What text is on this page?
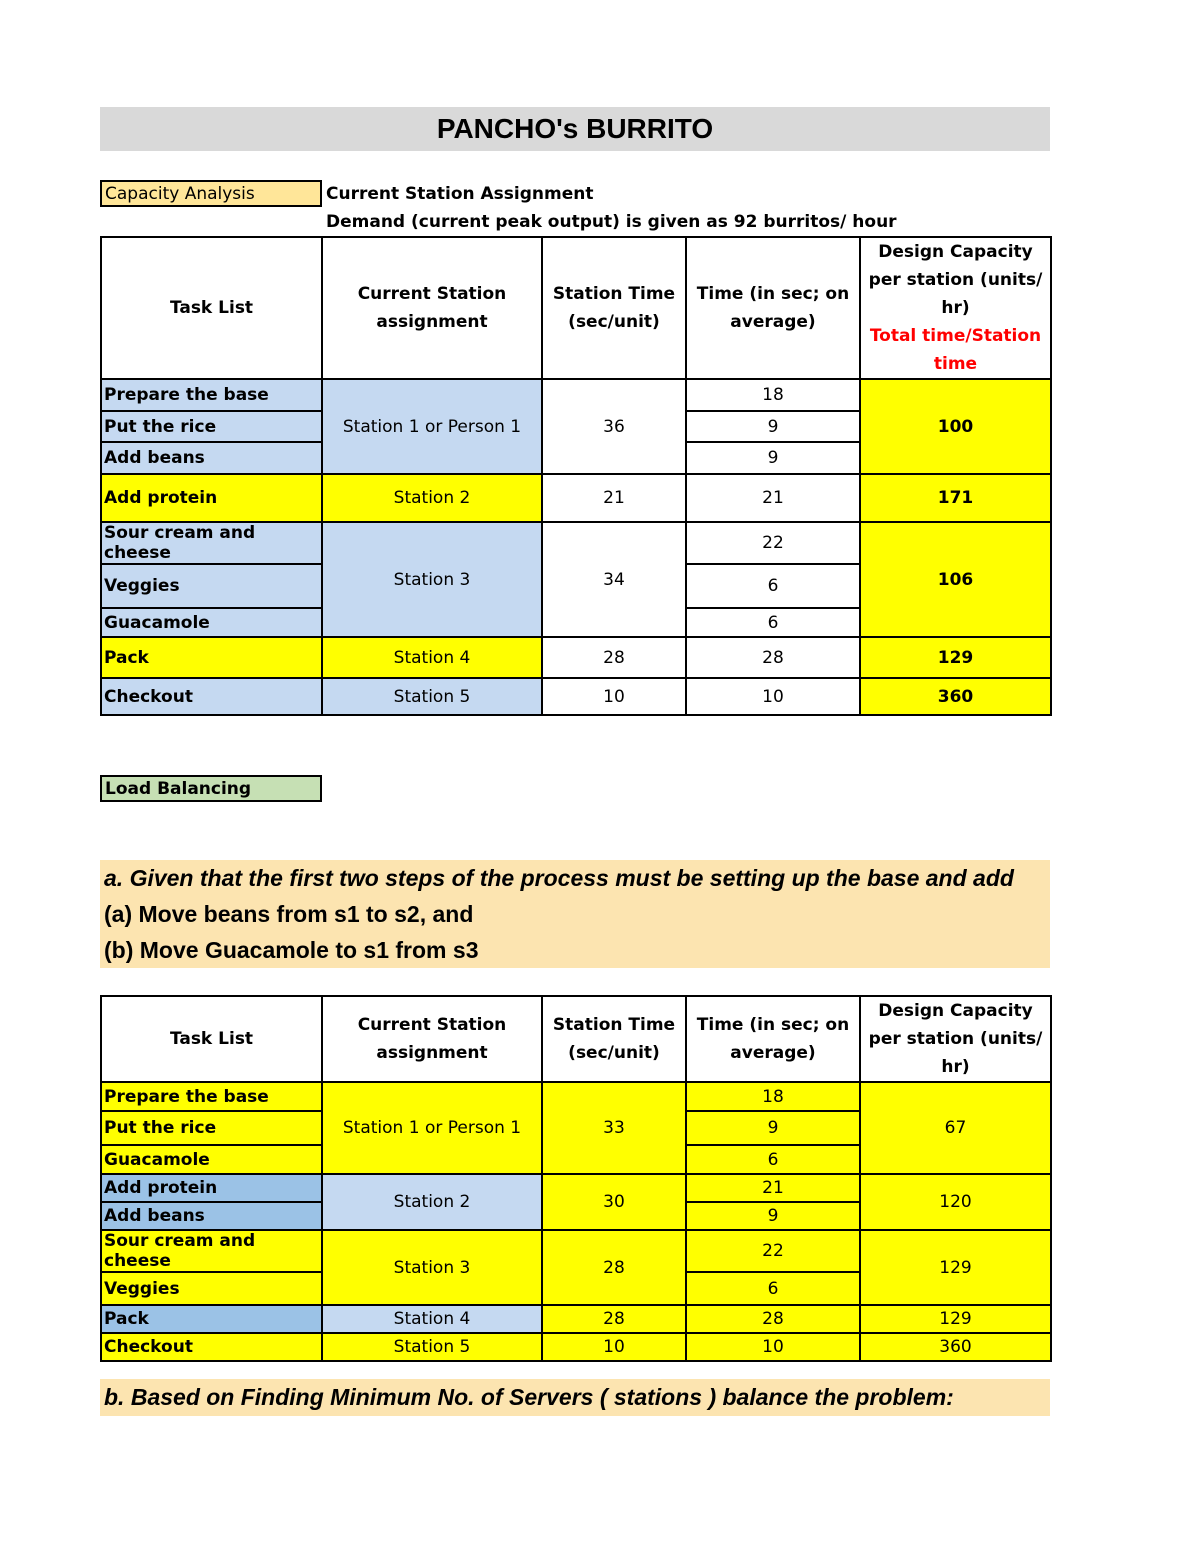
PANCHO's BURRITO
Capacity Analysis	Current Station Assignment
Demand (current peak output) is given as 92 burritos/ hour
Task List	Current Station assignment	Station Time (sec/unit)	Time (in sec; on average)	Design Capacity per station (units/ hr)
Total time/Station time
Prepare the base	Station 1 or Person 1	36	18	100
Put the rice			9	
Add beans			9	
Add protein	Station 2	21	21	171
Sour cream and cheese	Station 3	34	22	106
Veggies			6	
Guacamole			6	
Pack	Station 4	28	28	129
Checkout	Station 5	10	10	360
Load Balancing
a. Given that the first two steps of the process must be setting up the base and add
(a) Move beans from s1 to s2, and
(b) Move Guacamole to s1 from s3
Task List	Current Station assignment	Station Time (sec/unit)	Time (in sec; on average)	Design Capacity per station (units/ hr)
Prepare the base	Station 1 or Person 1	33	18	67
Put the rice			9	
Guacamole			6	
Add protein	Station 2	30	21	120
Add beans			9	
Sour cream and cheese	Station 3	28	22	129
Veggies			6	
Pack	Station 4	28	28	129
Checkout	Station 5	10	10	360
b. Based on Finding Minimum No. of Servers ( stations ) balance the problem:
